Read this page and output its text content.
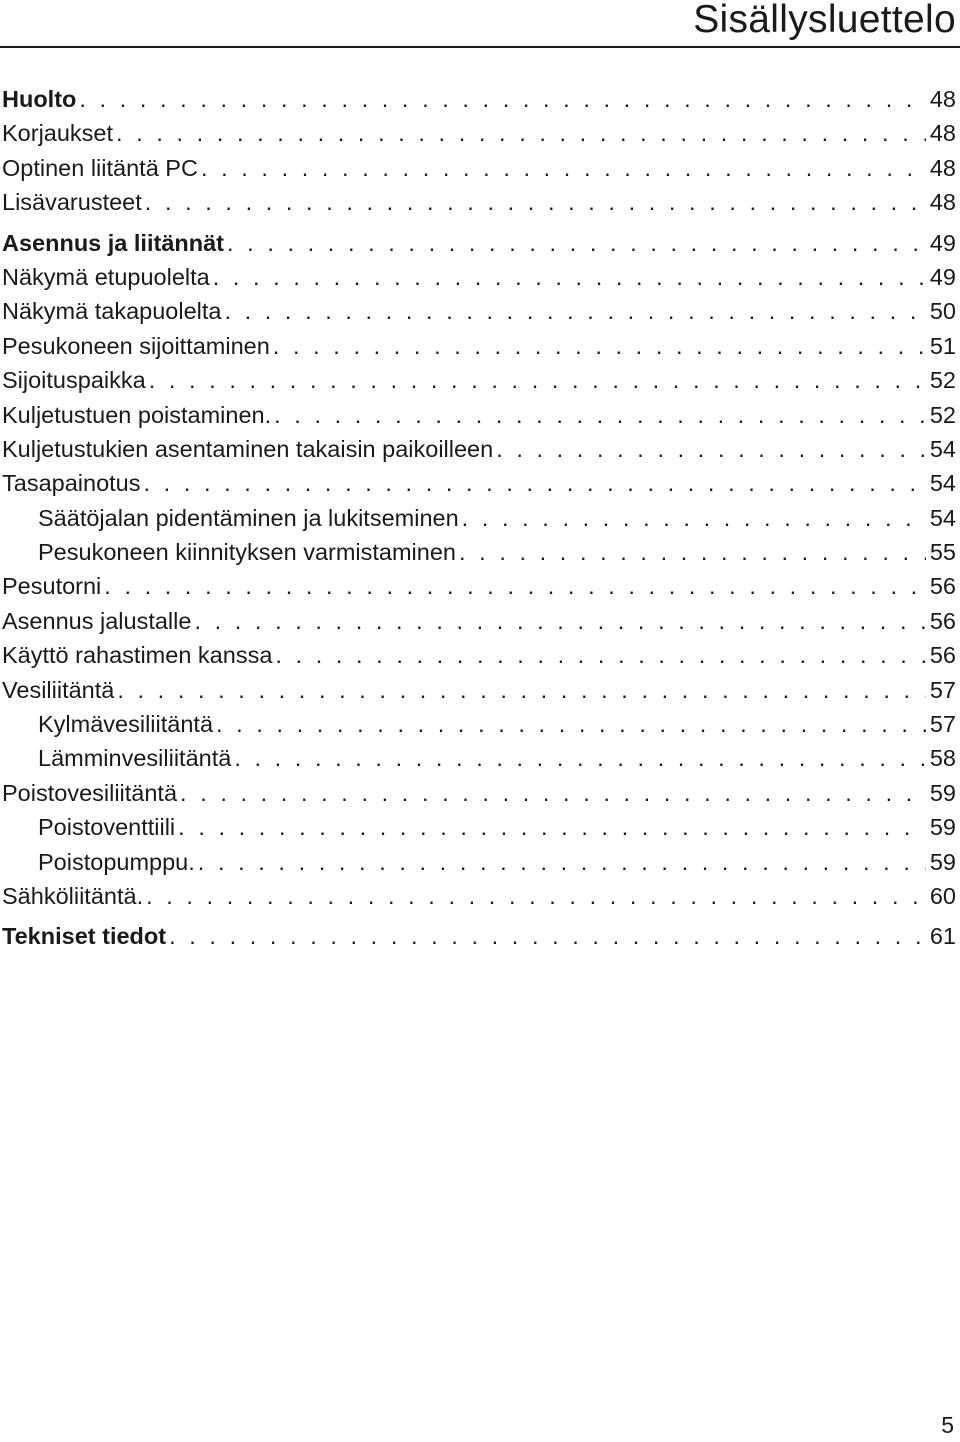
Sisällysluettelo
Huolto . . .	48
Korjaukset . . .	48
Optinen liitäntä PC . . .	48
Lisävarusteet . . .	48
Asennus ja liitännät . . .	49
Näkymä etupuolelta . . .	49
Näkymä takapuolelta . . .	50
Pesukoneen sijoittaminen . . .	51
Sijoituspaikka . . .	52
Kuljetustuen poistaminen. . . .	52
Kuljetustukien asentaminen takaisin paikoilleen . . .	54
Tasapainotus . . .	54
Säätöjalan pidentäminen ja lukitseminen . . .	54
Pesukoneen kiinnityksen varmistaminen . . .	55
Pesutorni . . .	56
Asennus jalustalle . . .	56
Käyttö rahastimen kanssa . . .	56
Vesiliitäntä . . .	57
Kylmävesiliitäntä . . .	57
Lämminvesiliitäntä . . .	58
Poistovesiliitäntä . . .	59
Poistoventtiili . . .	59
Poistopumppu. . . .	59
Sähköliitäntä. . . .	60
Tekniset tiedot . . .	61
5
